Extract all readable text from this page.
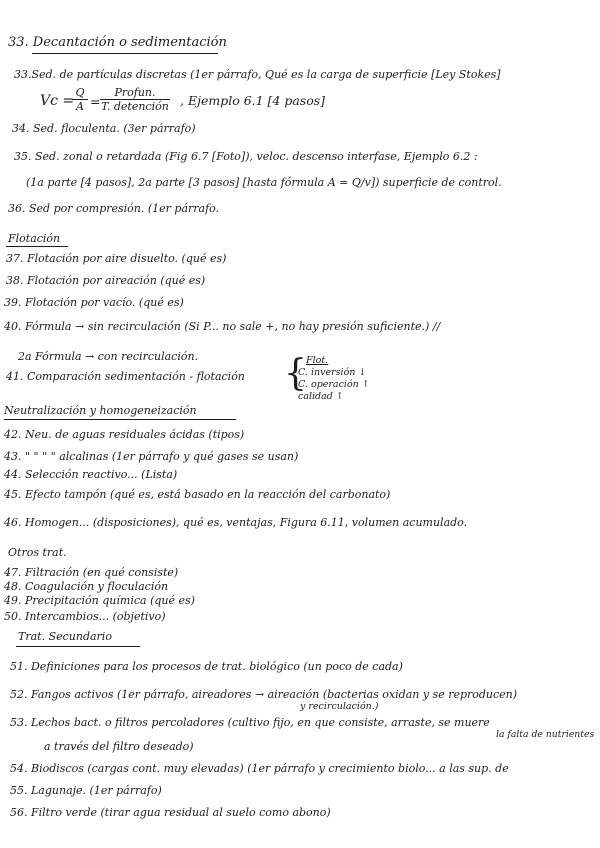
33. Decantación o sedimentación
33.Sed. de partículas discretas (1er párrafo, Qué es la carga de superficie [Ley Stokes]
Vc =
$\frac{Q}{A}$ =
Profun.
T. detención , Ejemplo 6.1 [4 pasos]
34. Sed. floculenta. (3er párrafo)
35. Sed. zonal o retardada (Fig 6.7 [Foto]), veloc. descenso interfase, Ejemplo 6.2 :
(1a parte [4 pasos], 2a parte [3 pasos] [hasta fórmula A = Q/v]) superficie de control.
36. Sed por compresión. (1er párrafo.
Flotación
37. Flotación por aire disuelto. (qué es)
38. Flotación por aireación (qué es)
39. Flotación por vacío. (qué es)
40. Fórmula → sin recirculación (Si P... no sale +, no hay presión suficiente.) //
2a Fórmula → con recirculación.
41. Comparación sedimentación - flotación { Flot.
C. inversión ↓
C. operación ↑
calidad ↑
Neutralización y homogeneización
42. Neu. de aguas residuales ácidas (tipos)
43. " " " " alcalinas (1er párrafo y qué gases se usan)
44. Selección reactivo... (Lista)
45. Efecto tampón (qué es, está basado en la reacción del carbonato)
46. Homogen... (disposiciones), qué es, ventajas, Figura 6.11, volumen acumulado.
Otros trat.
47. Filtración (en qué consiste)
48. Coagulación y floculación
49. Precipitación química (qué es)
50. Intercambios... (objetivo)
Trat. Secundario
51. Definiciones para los procesos de trat. biológico (un poco de cada)
52. Fangos activos (1er párrafo, aireadores → aireación (bacterias oxidan y se reproducen)
y recirculación.)
53. Lechos bact. o filtros percoladores (cultivo fijo, en que consiste, arraste, se muere
la falta de nutrientes
a través del filtro deseado)
54. Biodiscos (cargas cont. muy elevadas) (1er párrafo y crecimiento biolo... a las sup. de
55. Lagunaje. (1er párrafo)
56. Filtro verde (tirar agua residual al suelo como abono)
